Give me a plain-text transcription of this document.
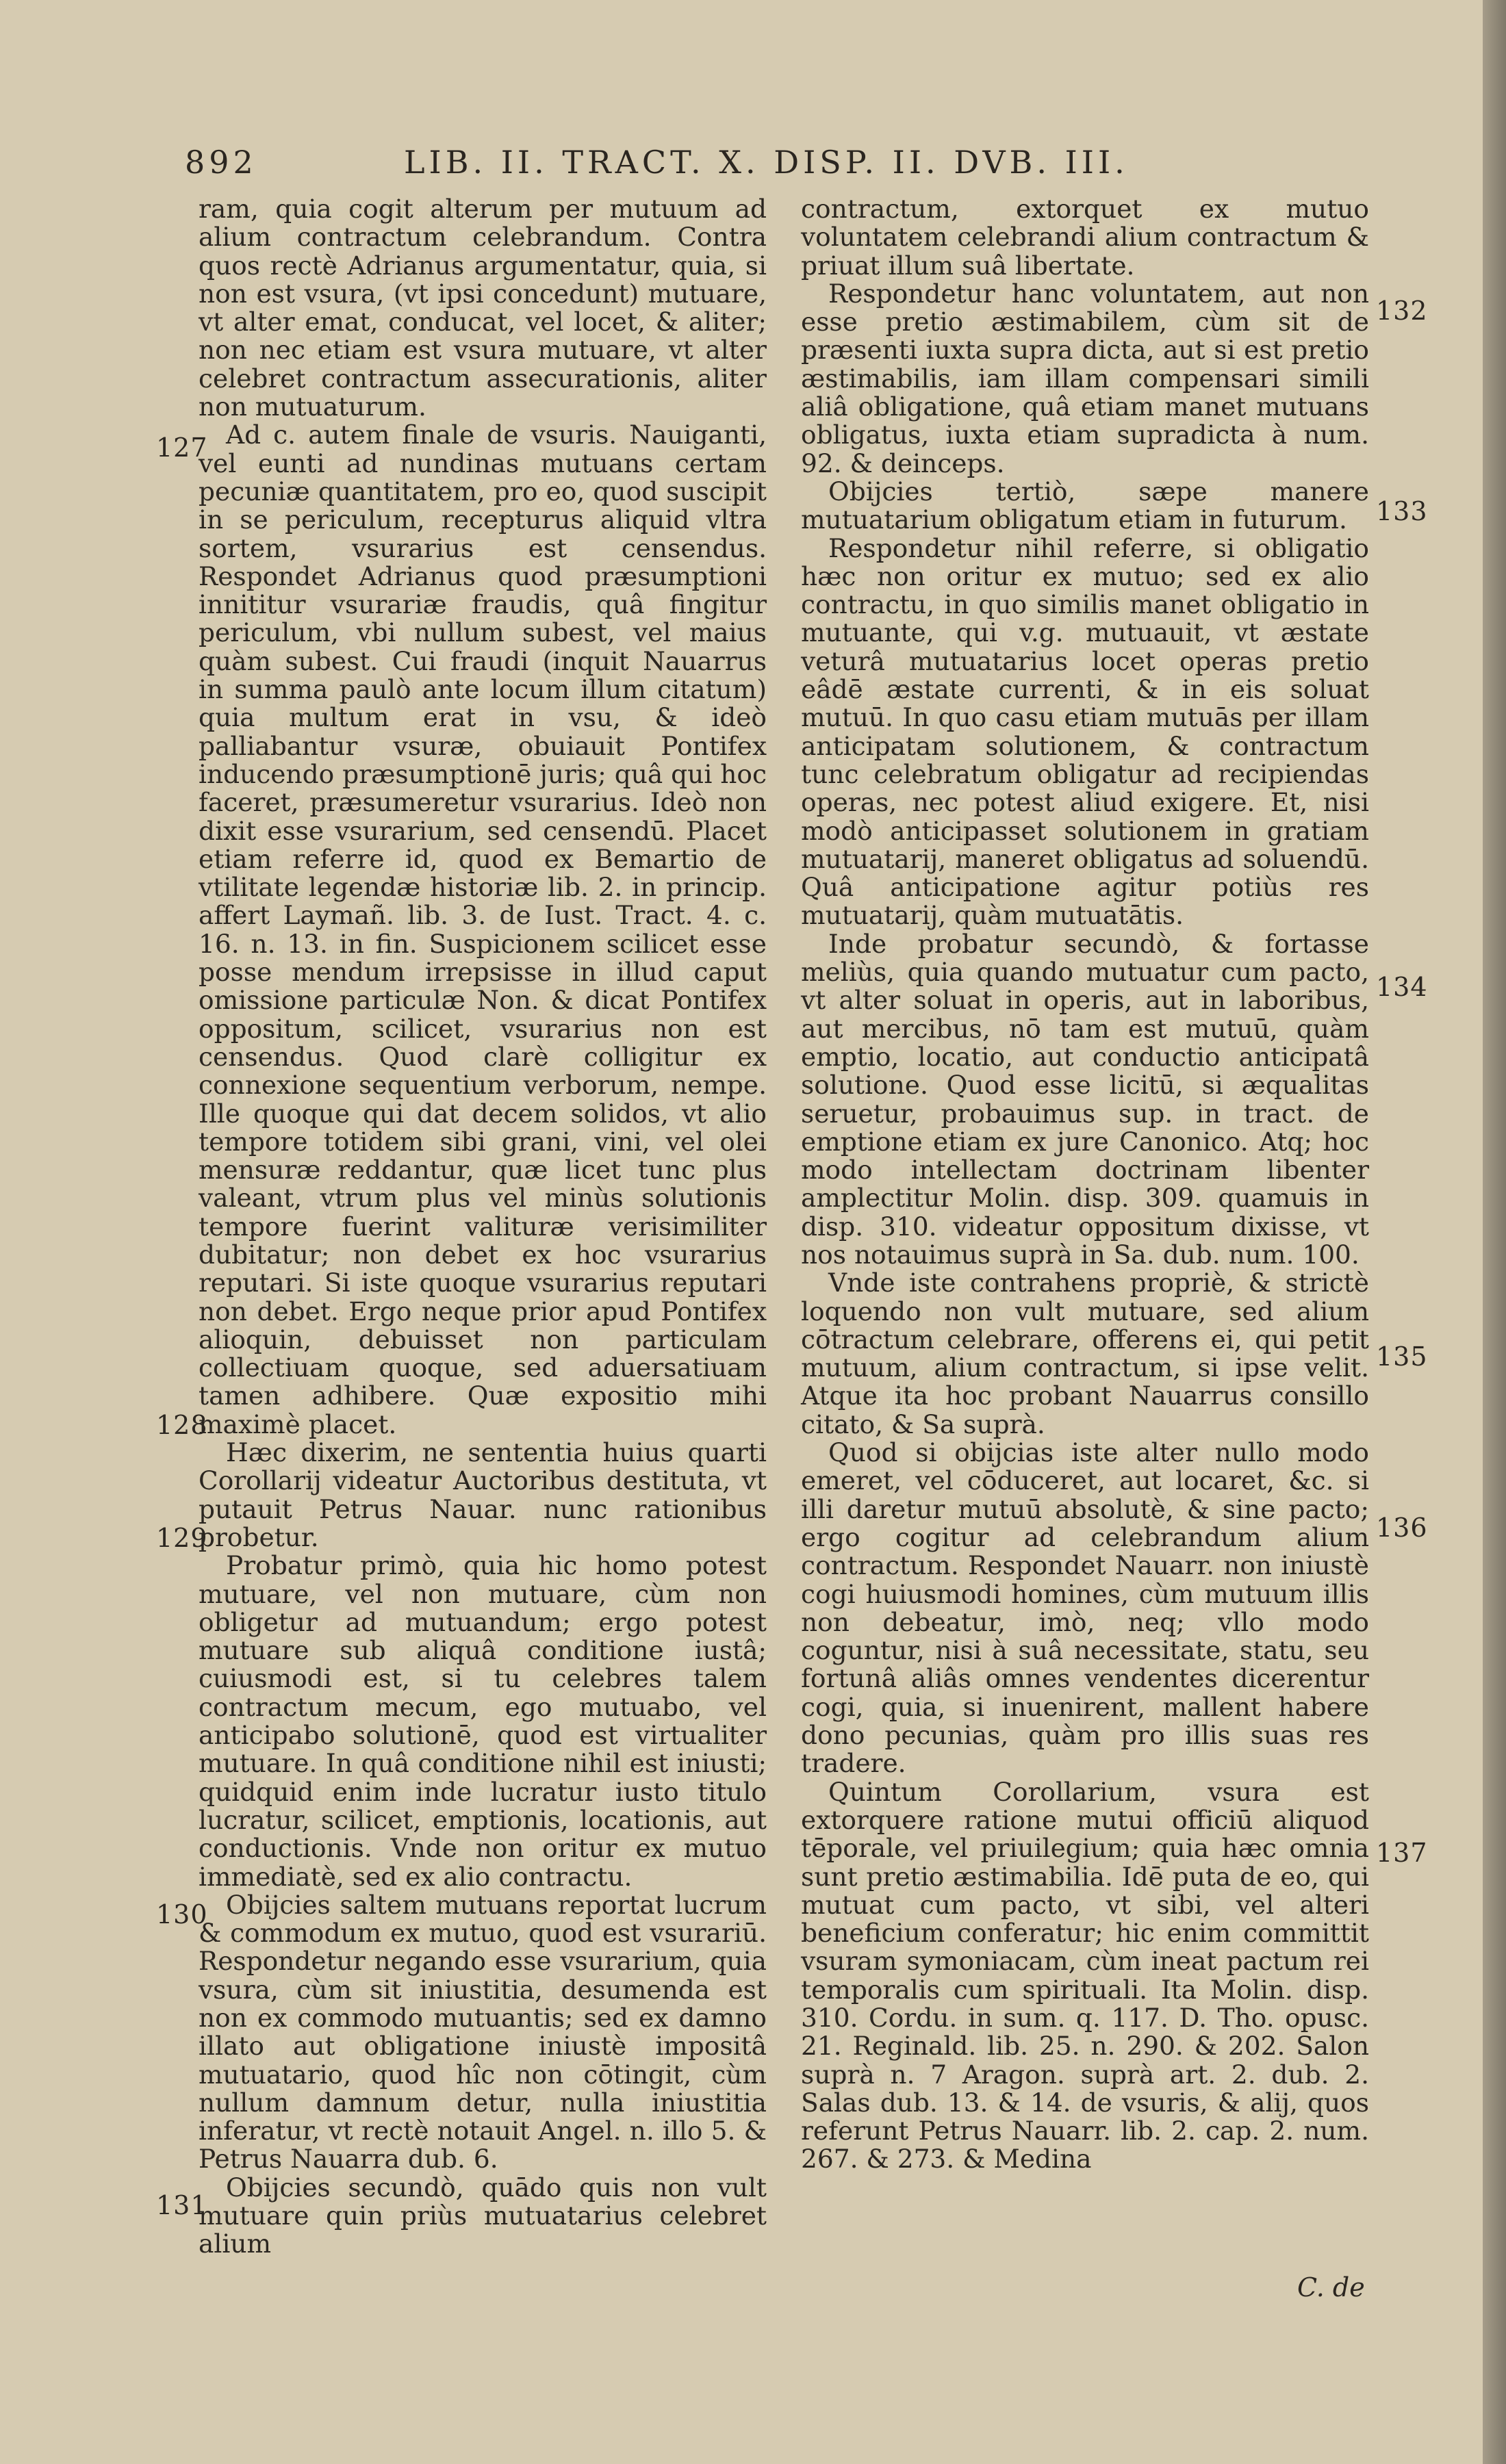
892	LIB. II. TRACT. X. DISP. II. DVB. III.

ram, quia cogit alterum per mutuum ad alium contractum celebrandum. Contra quos rectè Adrianus argumentatur, quia, si non est vsura, (vt ipsi concedunt) mutuare, vt alter emat, conducat, vel locet, & aliter; non nec etiam est vsura mutuare, vt alter celebret contractum assecurationis, aliter non mutuaturum.

Ad c. autem finale de vsuris. Nauiganti, vel eunti ad nundinas mutuans certam pecuniæ quantitatem, pro eo, quod suscipit in se periculum, recepturus aliquid vltra sortem, vsurarius est censendus. Respondet Adrianus quod præsumptioni innititur vsurariæ fraudis, quâ fingitur periculum, vbi nullum subest, vel maius quàm subest. Cui fraudi (inquit Nauarrus in summa paulò ante locum illum citatum) quia multum erat in vsu, & ideò palliabantur vsuræ, obuiauit Pontifex inducendo præsumptionē juris; quâ qui hoc faceret, præsumeretur vsurarius. Ideò non dixit esse vsurarium, sed censendū. Placet etiam referre id, quod ex Bemartio de vtilitate legendæ historiæ lib. 2. in princip. affert Laymañ. lib. 3. de Iust. Tract. 4. c. 16. n. 13. in fin. Suspicionem scilicet esse posse mendum irrepsisse in illud caput omissione particulæ Non. & dicat Pontifex oppositum, scilicet, vsurarius non est censendus. Quod clarè colligitur ex connexione sequentium verborum, nempe. Ille quoque qui dat decem solidos, vt alio tempore totidem sibi grani, vini, vel olei mensuræ reddantur, quæ licet tunc plus valeant, vtrum plus vel minùs solutionis tempore fuerint valituræ verisimiliter dubitatur; non debet ex hoc vsurarius reputari. Si iste quoque vsurarius reputari non debet. Ergo neque prior apud Pontifex alioquin, debuisset non particulam collectiuam quoque, sed aduersatiuam tamen adhibere. Quæ expositio mihi maximè placet.

Hæc dixerim, ne sententia huius quarti Corollarij videatur Auctoribus destituta, vt putauit Petrus Nauar. nunc rationibus probetur.

Probatur primò, quia hic homo potest mutuare, vel non mutuare, cùm non obligetur ad mutuandum; ergo potest mutuare sub aliquâ conditione iustâ; cuiusmodi est, si tu celebres talem contractum mecum, ego mutuabo, vel anticipabo solutionē, quod est virtualiter mutuare. In quâ conditione nihil est iniusti; quidquid enim inde lucratur iusto titulo lucratur, scilicet, emptionis, locationis, aut conductionis. Vnde non oritur ex mutuo immediatè, sed ex alio contractu.

Obijcies saltem mutuans reportat lucrum & commodum ex mutuo, quod est vsurariū. Respondetur negando esse vsurarium, quia vsura, cùm sit iniustitia, desumenda est non ex commodo mutuantis; sed ex damno illato aut obligatione iniustè impositâ mutuatario, quod hîc non cōtingit, cùm nullum damnum detur, nulla iniustitia inferatur, vt rectè notauit Angel. n. illo 5. & Petrus Nauarra dub. 6.

Obijcies secundò, quādo quis non vult mutuare quin priùs mutuatarius celebret alium

contractum, extorquet ex mutuo voluntatem celebrandi alium contractum & priuat illum suâ libertate.

Respondetur hanc voluntatem, aut non esse pretio æstimabilem, cùm sit de præsenti iuxta supra dicta, aut si est pretio æstimabilis, iam illam compensari simili aliâ obligatione, quâ etiam manet mutuans obligatus, iuxta etiam supradicta à num. 92. & deinceps.

Obijcies tertiò, sæpe manere mutuatarium obligatum etiam in futurum.

Respondetur nihil referre, si obligatio hæc non oritur ex mutuo; sed ex alio contractu, in quo similis manet obligatio in mutuante, qui v.g. mutuauit, vt æstate veturâ mutuatarius locet operas pretio eâdē æstate currenti, & in eis soluat mutuū. In quo casu etiam mutuās per illam anticipatam solutionem, & contractum tunc celebratum obligatur ad recipiendas operas, nec potest aliud exigere. Et, nisi modò anticipasset solutionem in gratiam mutuatarij, maneret obligatus ad soluendū. Quâ anticipatione agitur potiùs res mutuatarij, quàm mutuatātis.

Inde probatur secundò, & fortasse meliùs, quia quando mutuatur cum pacto, vt alter soluat in operis, aut in laboribus, aut mercibus, nō tam est mutuū, quàm emptio, locatio, aut conductio anticipatâ solutione. Quod esse licitū, si æqualitas seruetur, probauimus sup. in tract. de emptione etiam ex jure Canonico. Atq; hoc modo intellectam doctrinam libenter amplectitur Molin. disp. 309. quamuis in disp. 310. videatur oppositum dixisse, vt nos notauimus suprà in Sa. dub. num. 100.

Vnde iste contrahens propriè, & strictè loquendo non vult mutuare, sed alium cōtractum celebrare, offerens ei, qui petit mutuum, alium contractum, si ipse velit. Atque ita hoc probant Nauarrus consillo citato, & Sa suprà.

Quod si obijcias iste alter nullo modo emeret, vel cōduceret, aut locaret, &c. si illi daretur mutuū absolutè, & sine pacto; ergo cogitur ad celebrandum alium contractum. Respondet Nauarr. non iniustè cogi huiusmodi homines, cùm mutuum illis non debeatur, imò, neq; vllo modo coguntur, nisi à suâ necessitate, statu, seu fortunâ aliâs omnes vendentes dicerentur cogi, quia, si inuenirent, mallent habere dono pecunias, quàm pro illis suas res tradere.

Quintum Corollarium, vsura est extorquere ratione mutui officiū aliquod tēporale, vel priuilegium; quia hæc omnia sunt pretio æstimabilia. Idē puta de eo, qui mutuat cum pacto, vt sibi, vel alteri beneficium conferatur; hic enim committit vsuram symoniacam, cùm ineat pactum rei temporalis cum spirituali. Ita Molin. disp. 310. Cordu. in sum. q. 117. D. Tho. opusc. 21. Reginald. lib. 25. n. 290. & 202. Salon suprà n. 7 Aragon. suprà art. 2. dub. 2. Salas dub. 13. & 14. de vsuris, & alij, quos referunt Petrus Nauarr. lib. 2. cap. 2. num. 267. & 273. & Medina

127
128
129
130
131
132
133
134
135
136
137
C. de
